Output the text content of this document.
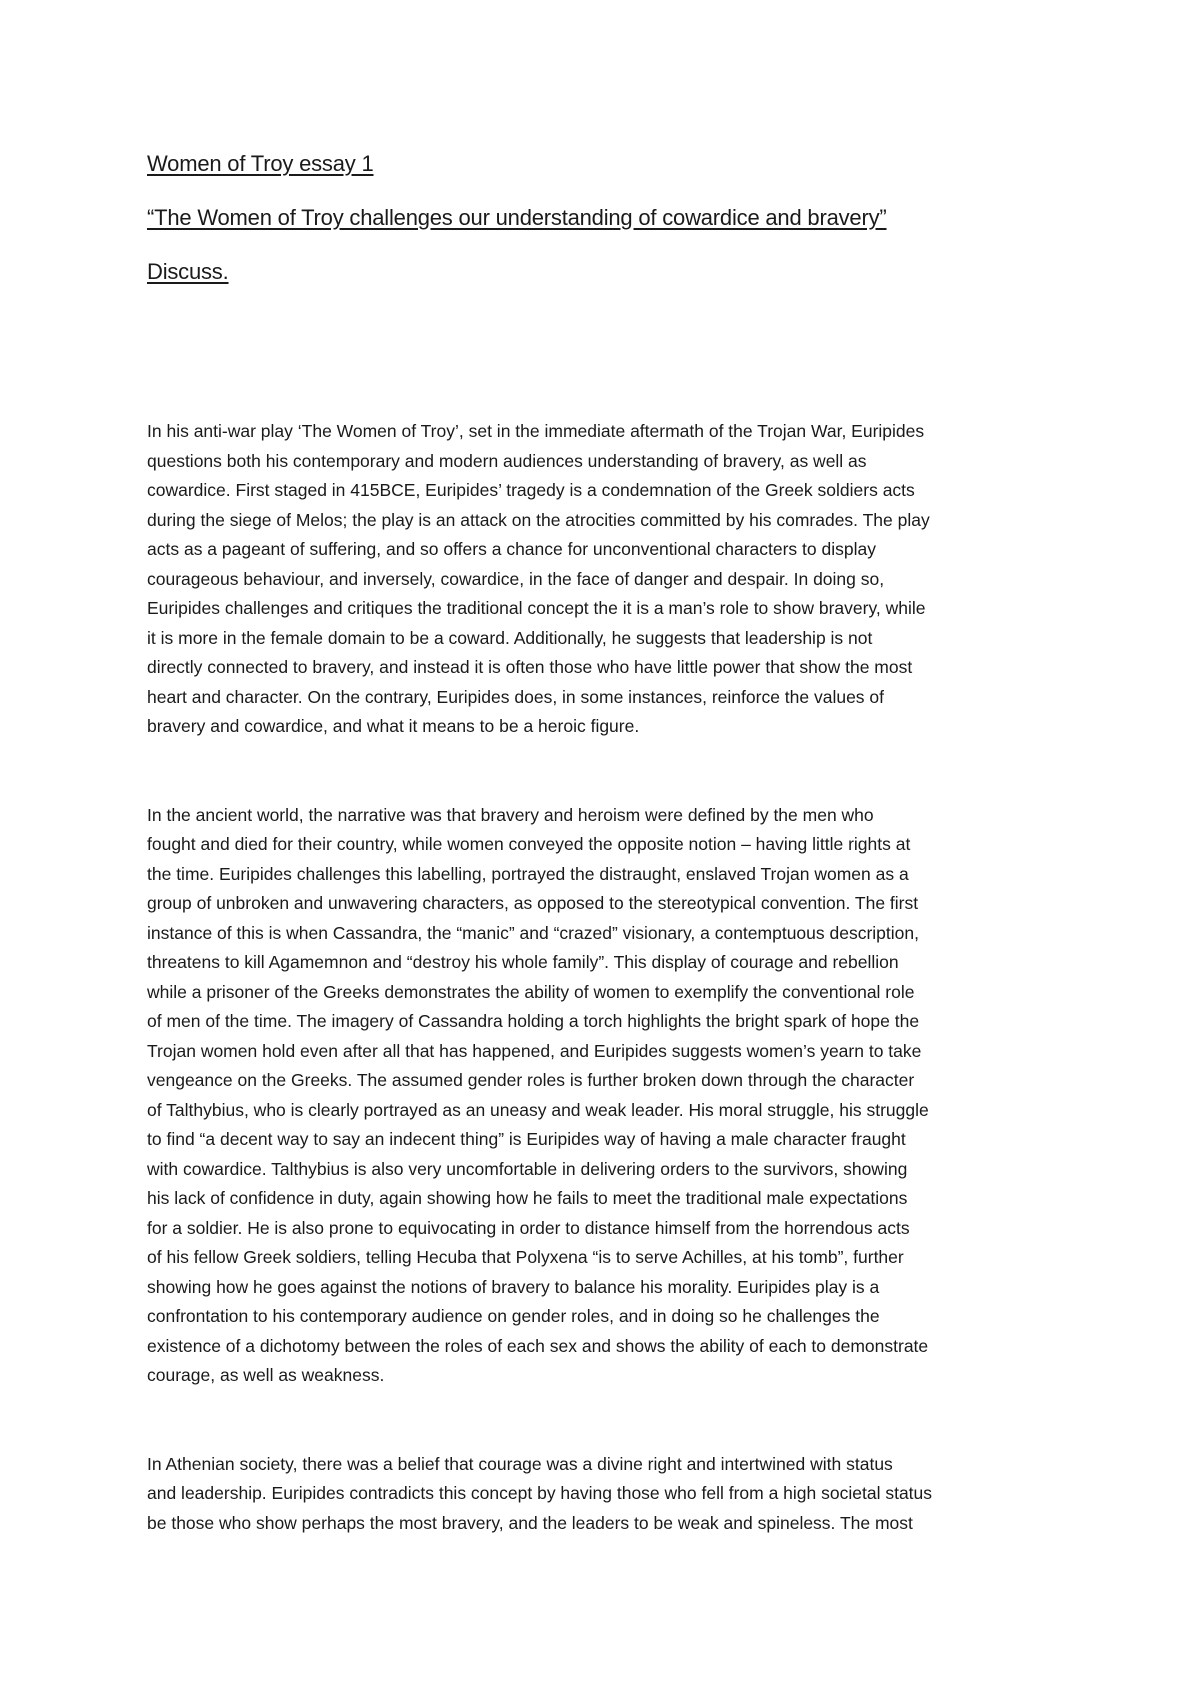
Women of Troy essay 1
“The Women of Troy challenges our understanding of cowardice and bravery”
Discuss.
In his anti-war play ‘The Women of Troy’, set in the immediate aftermath of the Trojan War, Euripides
questions both his contemporary and modern audiences understanding of bravery, as well as
cowardice. First staged in 415BCE, Euripides’ tragedy is a condemnation of the Greek soldiers acts
during the siege of Melos; the play is an attack on the atrocities committed by his comrades. The play
acts as a pageant of suffering, and so offers a chance for unconventional characters to display
courageous behaviour, and inversely, cowardice, in the face of danger and despair. In doing so,
Euripides challenges and critiques the traditional concept the it is a man’s role to show bravery, while
it is more in the female domain to be a coward. Additionally, he suggests that leadership is not
directly connected to bravery, and instead it is often those who have little power that show the most
heart and character. On the contrary, Euripides does, in some instances, reinforce the values of
bravery and cowardice, and what it means to be a heroic figure.
In the ancient world, the narrative was that bravery and heroism were defined by the men who
fought and died for their country, while women conveyed the opposite notion – having little rights at
the time. Euripides challenges this labelling, portrayed the distraught, enslaved Trojan women as a
group of unbroken and unwavering characters, as opposed to the stereotypical convention. The first
instance of this is when Cassandra, the “manic” and “crazed” visionary, a contemptuous description,
threatens to kill Agamemnon and “destroy his whole family”. This display of courage and rebellion
while a prisoner of the Greeks demonstrates the ability of women to exemplify the conventional role
of men of the time. The imagery of Cassandra holding a torch highlights the bright spark of hope the
Trojan women hold even after all that has happened, and Euripides suggests women’s yearn to take
vengeance on the Greeks. The assumed gender roles is further broken down through the character
of Talthybius, who is clearly portrayed as an uneasy and weak leader. His moral struggle, his struggle
to find “a decent way to say an indecent thing” is Euripides way of having a male character fraught
with cowardice. Talthybius is also very uncomfortable in delivering orders to the survivors, showing
his lack of confidence in duty, again showing how he fails to meet the traditional male expectations
for a soldier. He is also prone to equivocating in order to distance himself from the horrendous acts
of his fellow Greek soldiers, telling Hecuba that Polyxena “is to serve Achilles, at his tomb”, further
showing how he goes against the notions of bravery to balance his morality. Euripides play is a
confrontation to his contemporary audience on gender roles, and in doing so he challenges the
existence of a dichotomy between the roles of each sex and shows the ability of each to demonstrate
courage, as well as weakness.
In Athenian society, there was a belief that courage was a divine right and intertwined with status
and leadership. Euripides contradicts this concept by having those who fell from a high societal status
be those who show perhaps the most bravery, and the leaders to be weak and spineless. The most
